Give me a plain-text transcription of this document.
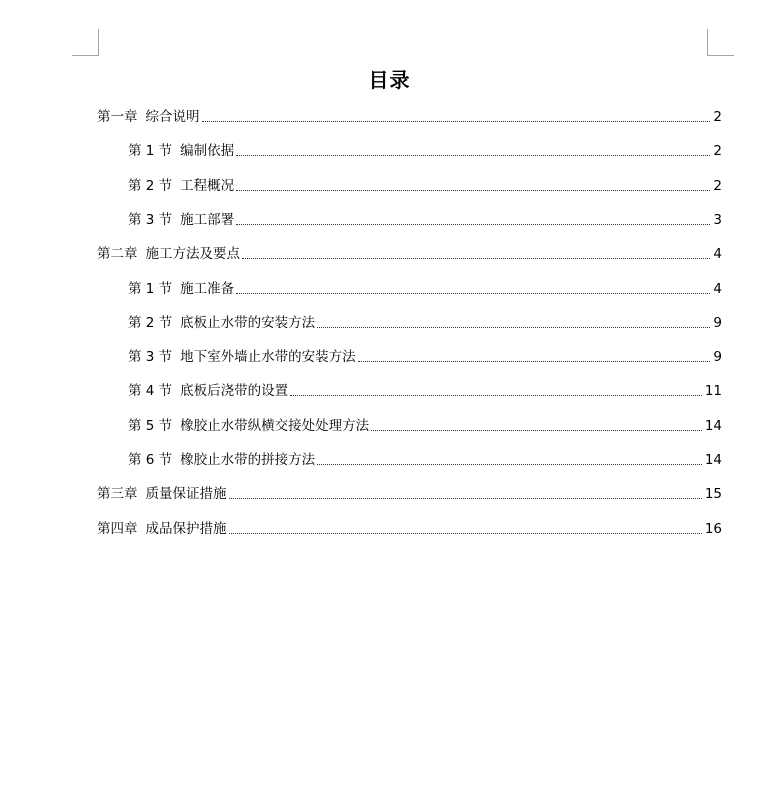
目录
第一章 综合说明	2
第 1 节 编制依据	2
第 2 节 工程概况	2
第 3 节 施工部署	3
第二章 施工方法及要点	4
第 1 节 施工准备	4
第 2 节 底板止水带的安装方法	9
第 3 节 地下室外墙止水带的安装方法	9
第 4 节 底板后浇带的设置	11
第 5 节 橡胶止水带纵横交接处处理方法	14
第 6 节 橡胶止水带的拼接方法	14
第三章 质量保证措施	15
第四章 成品保护措施	16
